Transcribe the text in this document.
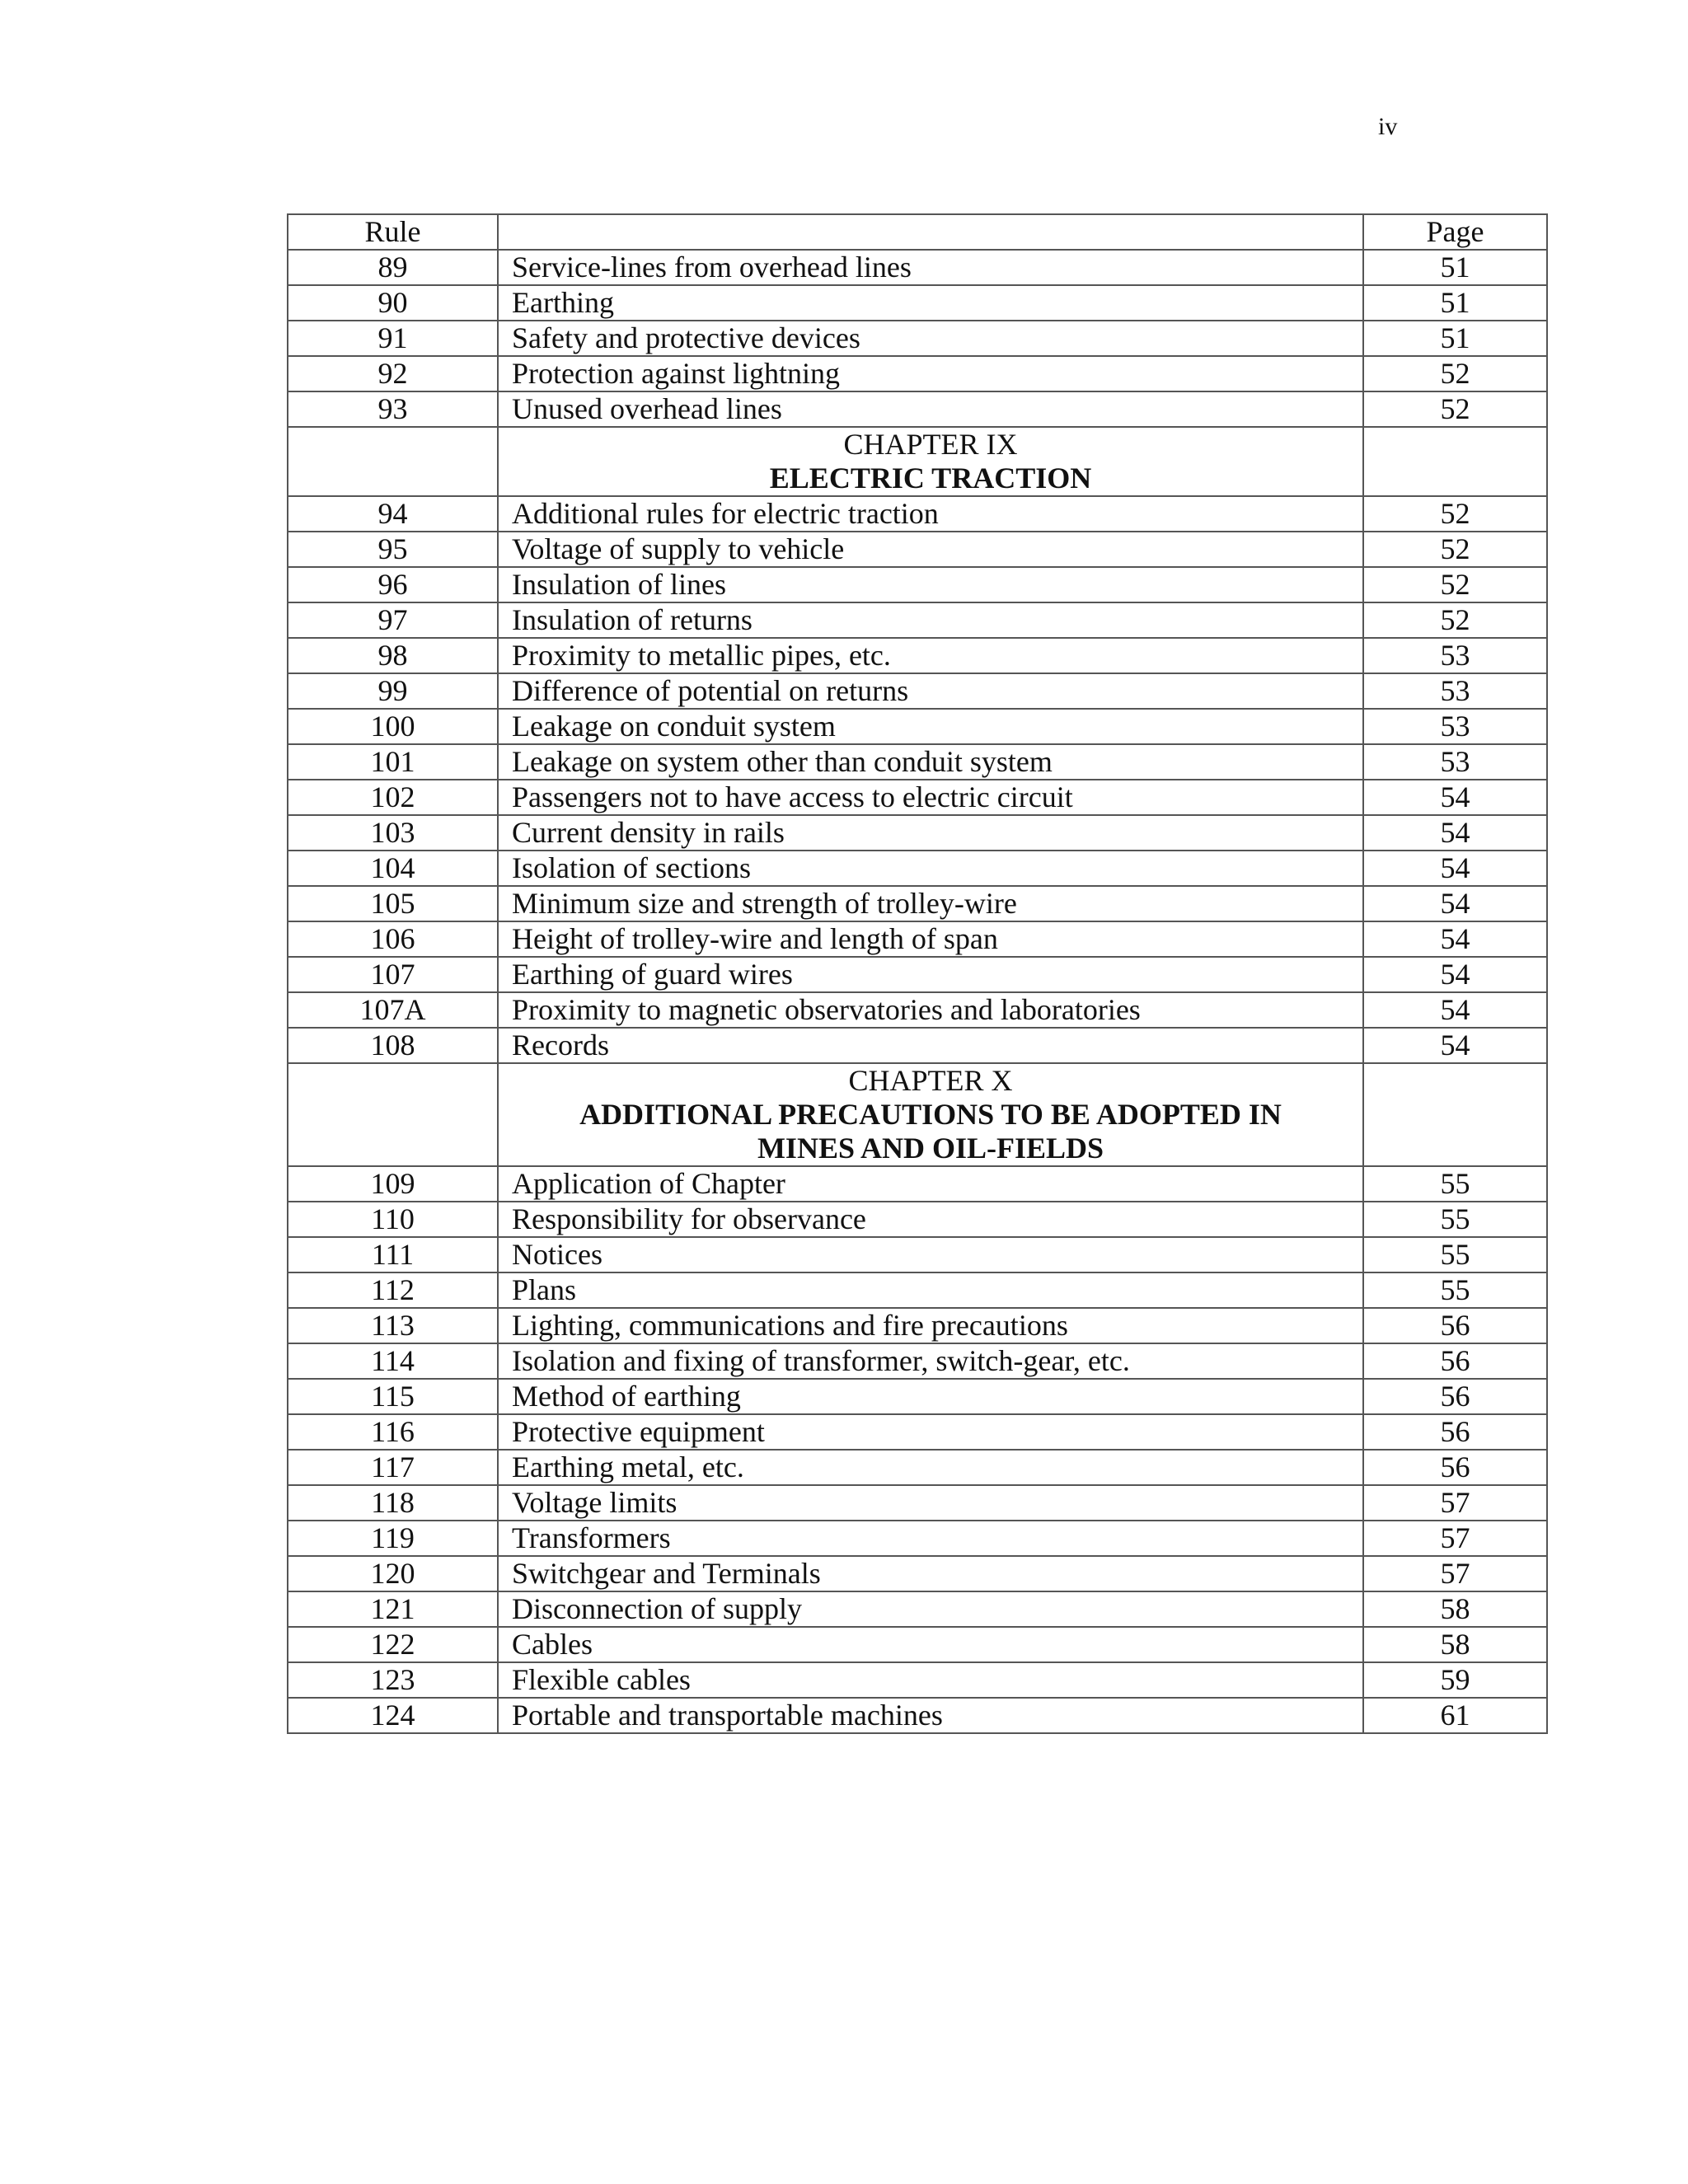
iv
Rule		Page
89	Service-lines from overhead lines	51
90	Earthing	51
91	Safety and protective devices	51
92	Protection against lightning	52
93	Unused overhead lines	52

	CHAPTER IX
ELECTRIC TRACTION	

94	Additional rules for electric traction	52
95	Voltage of supply to vehicle	52
96	Insulation of lines	52
97	Insulation of returns	52
98	Proximity to metallic pipes, etc.	53
99	Difference of potential on returns	53
100	Leakage on conduit system	53
101	Leakage on system other than conduit system	53
102	Passengers not to have access to electric circuit	54
103	Current density in rails	54
104	Isolation of sections	54
105	Minimum size and strength of trolley-wire	54
106	Height of trolley-wire and length of span	54
107	Earthing of guard wires	54
107A	Proximity to magnetic observatories and laboratories	54
108	Records	54

	CHAPTER X
ADDITIONAL PRECAUTIONS TO BE ADOPTED IN MINES AND OIL-FIELDS	

109	Application of Chapter	55
110	Responsibility for observance	55
111	Notices	55
112	Plans	55
113	Lighting, communications and fire precautions	56
114	Isolation and fixing of transformer, switch-gear, etc.	56
115	Method of earthing	56
116	Protective equipment	56
117	Earthing metal, etc.	56
118	Voltage limits	57
119	Transformers	57
120	Switchgear and Terminals	57
121	Disconnection of supply	58
122	Cables	58
123	Flexible cables	59
124	Portable and transportable machines	61
